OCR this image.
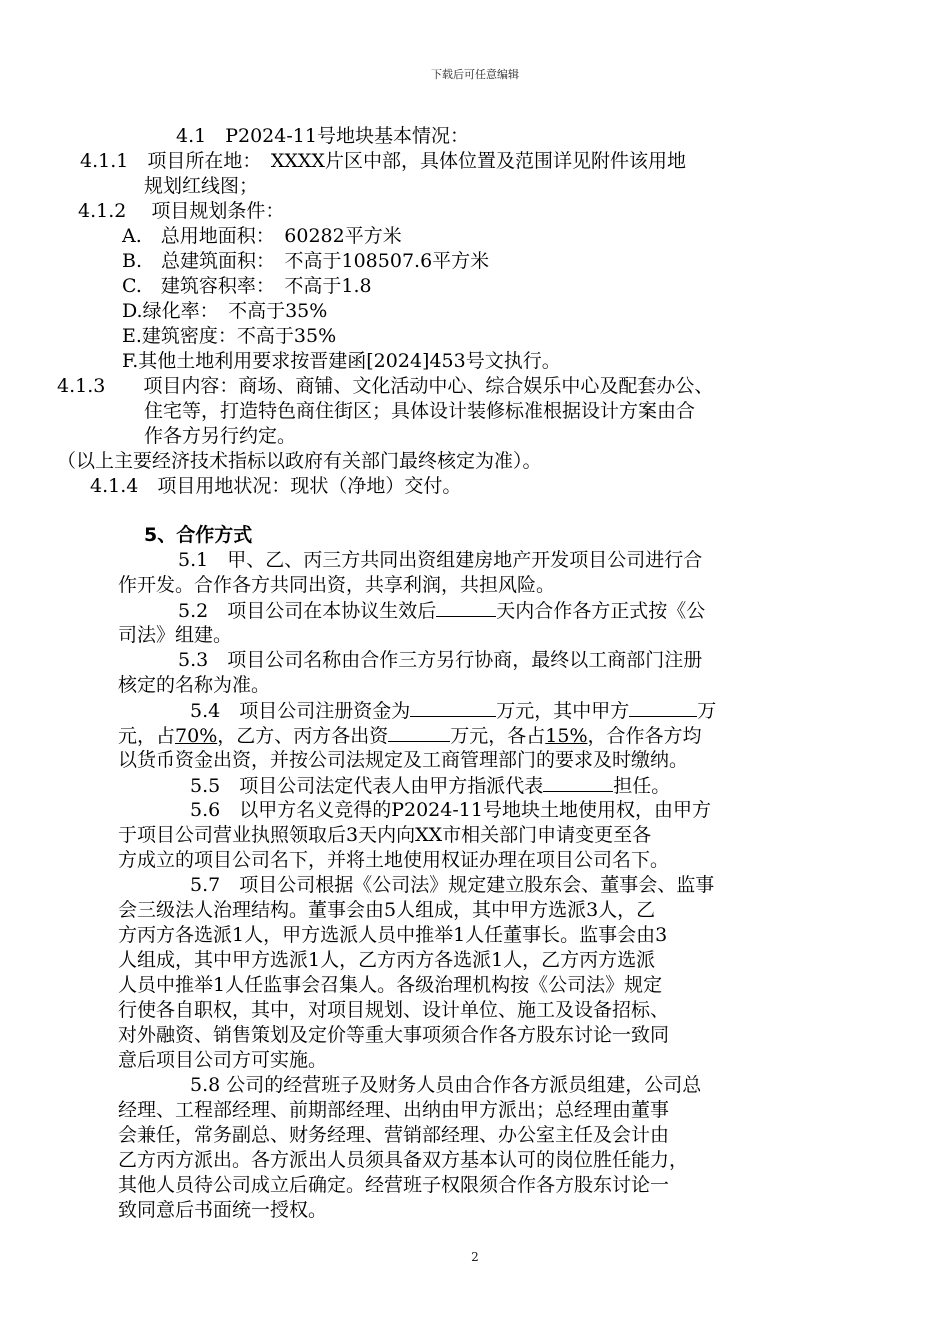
下载后可任意编辑
4.1　P2024-11号地块基本情况：
4.1.1　项目所在地：　XXXX片区中部，具体位置及范围详见附件该用地
规划红线图；
4.1.2　 项目规划条件：
A.　总用地面积：　60282平方米
B.　总建筑面积：　不高于108507.6平方米
C.　建筑容积率：　不高于1.8
D.绿化率：　不高于35%
E.建筑密度：不高于35%
F.其他土地利用要求按晋建函[2024]453号文执行。
4.1.3　　项目内容：商场、商铺、文化活动中心、综合娱乐中心及配套办公、
住宅等，打造特色商住街区；具体设计装修标准根据设计方案由合
作各方另行约定。
（以上主要经济技术指标以政府有关部门最终核定为准）。
4.1.4　项目用地状况：现状（净地）交付。
5、合作方式
5.1　甲、乙、丙三方共同出资组建房地产开发项目公司进行合
作开发。合作各方共同出资，共享利润，共担风险。
5.2　项目公司在本协议生效后	天内合作各方正式按《公
司法》组建。
5.3　项目公司名称由合作三方另行协商，最终以工商部门注册
核定的名称为准。
5.4　项目公司注册资金为	万元，其中甲方	万
元，占70%，乙方、丙方各出资	万元，各占15%，合作各方均
以货币资金出资，并按公司法规定及工商管理部门的要求及时缴纳。
5.5　项目公司法定代表人由甲方指派代表	担任。
5.6　以甲方名义竞得的P2024-11号地块土地使用权，由甲方
于项目公司营业执照领取后3天内向XX市相关部门申请变更至各
方成立的项目公司名下，并将土地使用权证办理在项目公司名下。
5.7　项目公司根据《公司法》规定建立股东会、董事会、监事
会三级法人治理结构。董事会由5人组成，其中甲方选派3人，乙
方丙方各选派1人，甲方选派人员中推举1人任董事长。监事会由3
人组成，其中甲方选派1人，乙方丙方各选派1人，乙方丙方选派
人员中推举1人任监事会召集人。各级治理机构按《公司法》规定
行使各自职权，其中，对项目规划、设计单位、施工及设备招标、
对外融资、销售策划及定价等重大事项须合作各方股东讨论一致同
意后项目公司方可实施。
5.8 公司的经营班子及财务人员由合作各方派员组建，公司总
经理、工程部经理、前期部经理、出纳由甲方派出；总经理由董事
会兼任，常务副总、财务经理、营销部经理、办公室主任及会计由
乙方丙方派出。各方派出人员须具备双方基本认可的岗位胜任能力，
其他人员待公司成立后确定。经营班子权限须合作各方股东讨论一
致同意后书面统一授权。
2
